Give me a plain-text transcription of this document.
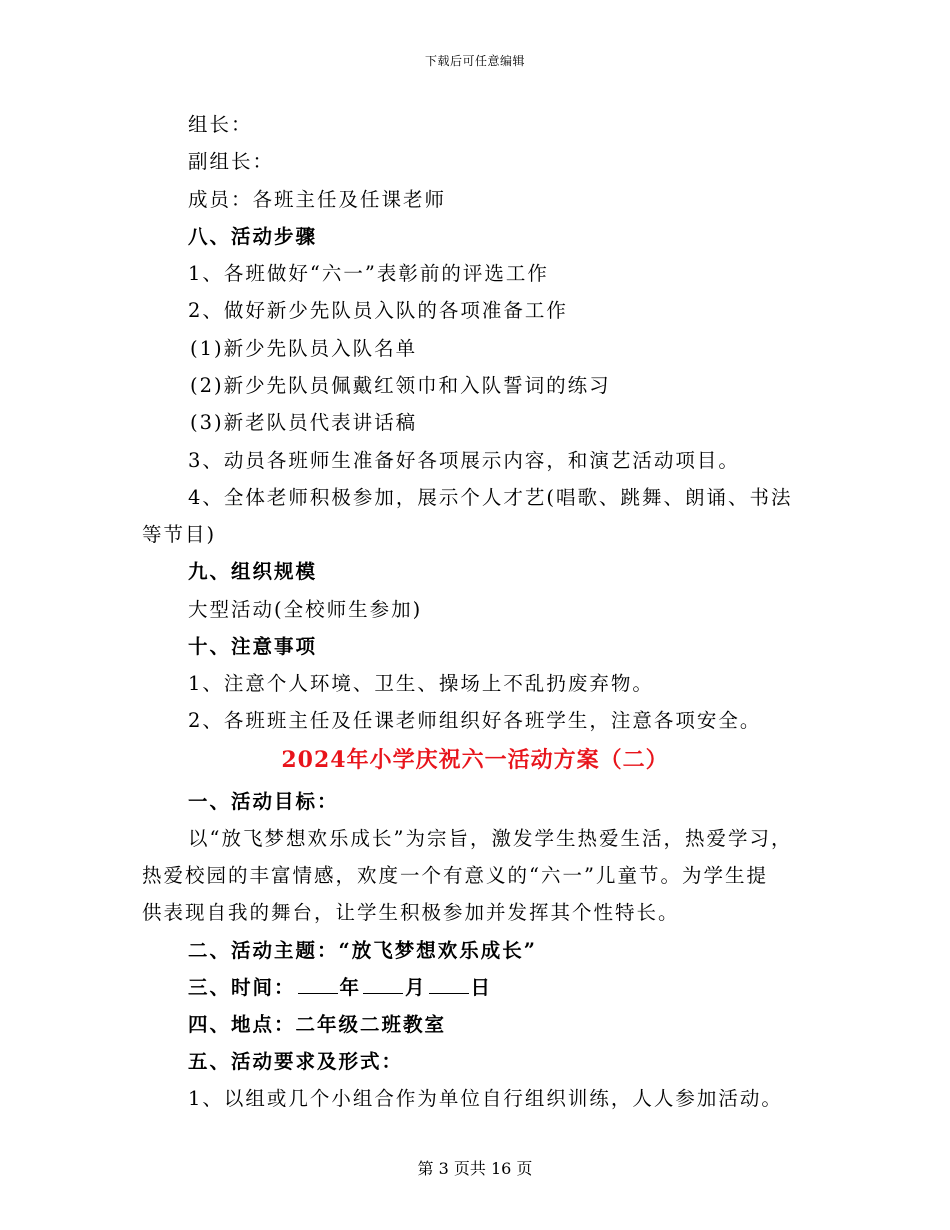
下载后可任意编辑
组长：
副组长：
成员：各班主任及任课老师
八、活动步骤
1、各班做好“六一”表彰前的评选工作
2、做好新少先队员入队的各项准备工作
(1)新少先队员入队名单
(2)新少先队员佩戴红领巾和入队誓词的练习
(3)新老队员代表讲话稿
3、动员各班师生准备好各项展示内容，和演艺活动项目。
4、全体老师积极参加，展示个人才艺(唱歌、跳舞、朗诵、书法
等节目)
九、组织规模
大型活动(全校师生参加)
十、注意事项
1、注意个人环境、卫生、操场上不乱扔废弃物。
2、各班班主任及任课老师组织好各班学生，注意各项安全。
2024年小学庆祝六一活动方案（二）
一、活动目标：
以“放飞梦想欢乐成长”为宗旨，激发学生热爱生活，热爱学习，
热爱校园的丰富情感，欢度一个有意义的“六一”儿童节。为学生提
供表现自我的舞台，让学生积极参加并发挥其个性特长。
二、活动主题：“放飞梦想欢乐成长”
三、时间： 年 月 日
四、地点：二年级二班教室
五、活动要求及形式：
1、以组或几个小组合作为单位自行组织训练，人人参加活动。
第 3 页共 16 页
